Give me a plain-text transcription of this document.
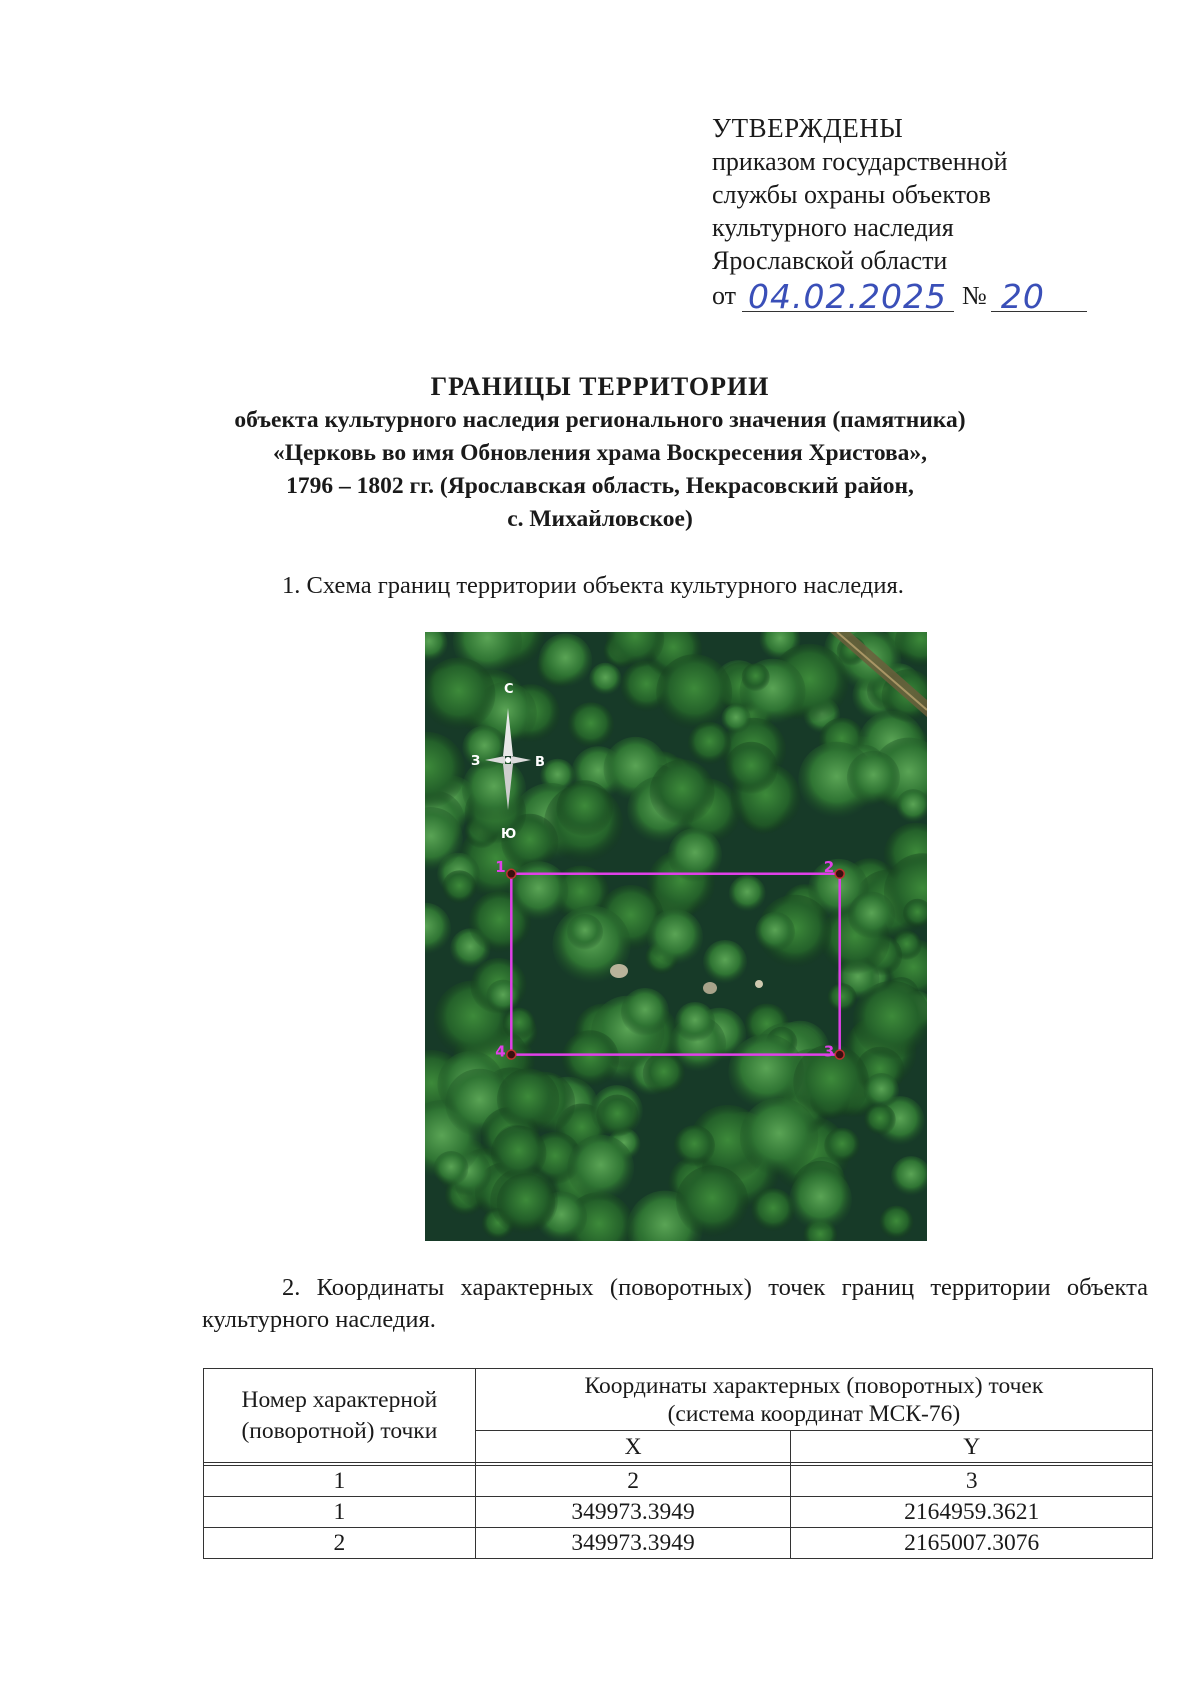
УТВЕРЖДЕНЫ
приказом государственной
службы охраны объектов
культурного наследия
Ярославской области
от 04.02.2025 № 20
ГРАНИЦЫ ТЕРРИТОРИИ
объекта культурного наследия регионального значения (памятника)
«Церковь во имя Обновления храма Воскресения Христова»,
1796 – 1802 гг. (Ярославская область, Некрасовский район,
с. Михайловское)
1. Схема границ территории объекта культурного наследия.
С
Ю
З	В
1	2
3
4
2. Координаты характерных (поворотных) точек границ территории объекта культурного наследия.
Номер характерной (поворотной) точки	Координаты характерных (поворотных) точек
(система координат МСК-76)	

	X	Y

1	2	3
1	349973.3949	2164959.3621
2	349973.3949	2165007.3076
